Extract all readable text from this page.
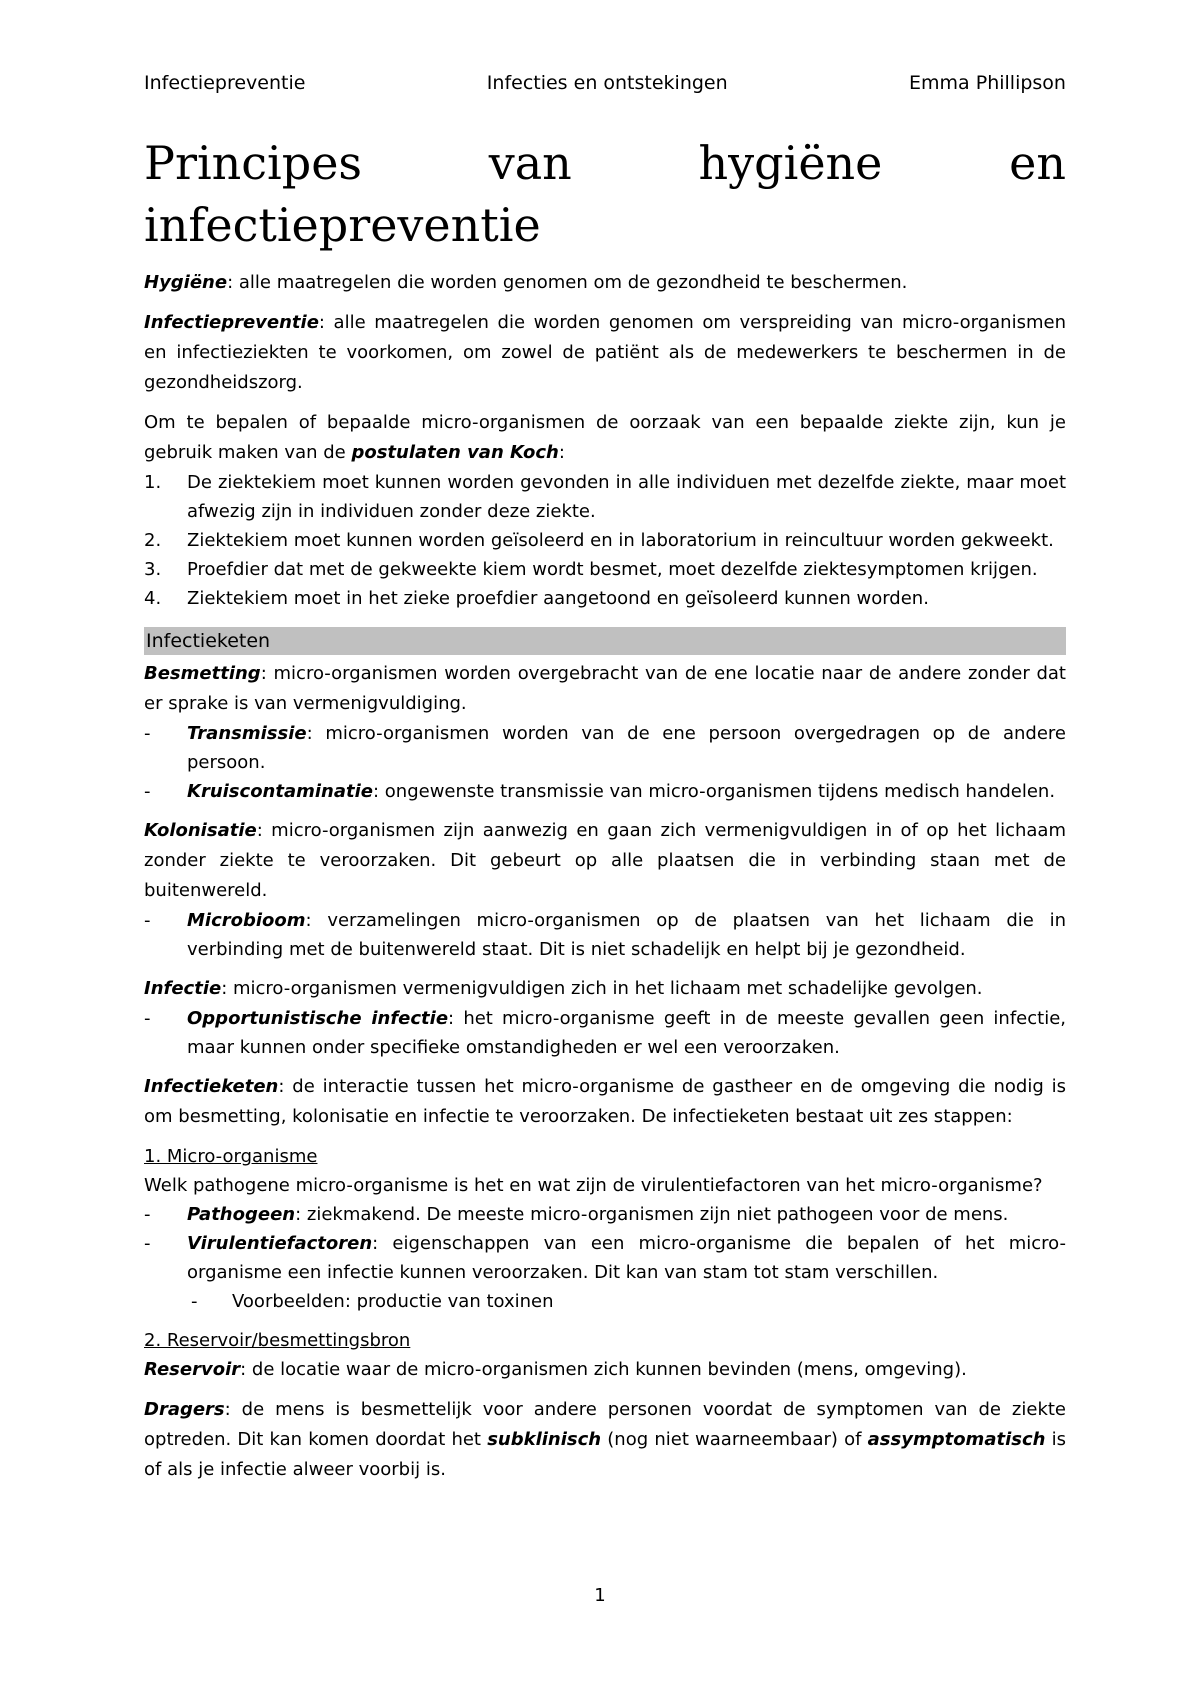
Infectiepreventie	Infecties en ontstekingen	Emma Phillipson
Principes	van	hygiëne	en
infectiepreventie

Hygiëne: alle maatregelen die worden genomen om de gezondheid te beschermen.

Infectiepreventie: alle maatregelen die worden genomen om verspreiding van micro-organismen en infectieziekten te voorkomen, om zowel de patiënt als de medewerkers te beschermen in de gezondheidszorg.

Om te bepalen of bepaalde micro-organismen de oorzaak van een bepaalde ziekte zijn, kun je gebruik maken van de postulaten van Koch:

1.	De ziektekiem moet kunnen worden gevonden in alle individuen met dezelfde ziekte, maar moet afwezig zijn in individuen zonder deze ziekte.
2.	Ziektekiem moet kunnen worden geïsoleerd en in laboratorium in reincultuur worden gekweekt.
3.	Proefdier dat met de gekweekte kiem wordt besmet, moet dezelfde ziektesymptomen krijgen.
4.	Ziektekiem moet in het zieke proefdier aangetoond en geïsoleerd kunnen worden.
Infectieketen

Besmetting: micro-organismen worden overgebracht van de ene locatie naar de andere zonder dat er sprake is van vermenigvuldiging.

-	Transmissie: micro-organismen worden van de ene persoon overgedragen op de andere persoon.
-	Kruiscontaminatie: ongewenste transmissie van micro-organismen tijdens medisch handelen.

Kolonisatie: micro-organismen zijn aanwezig en gaan zich vermenigvuldigen in of op het lichaam zonder ziekte te veroorzaken. Dit gebeurt op alle plaatsen die in verbinding staan met de buitenwereld.

-	Microbioom: verzamelingen micro-organismen op de plaatsen van het lichaam die in verbinding met de buitenwereld staat. Dit is niet schadelijk en helpt bij je gezondheid.

Infectie: micro-organismen vermenigvuldigen zich in het lichaam met schadelijke gevolgen.

-	Opportunistische infectie: het micro-organisme geeft in de meeste gevallen geen infectie, maar kunnen onder specifieke omstandigheden er wel een veroorzaken.

Infectieketen: de interactie tussen het micro-organisme de gastheer en de omgeving die nodig is om besmetting, kolonisatie en infectie te veroorzaken. De infectieketen bestaat uit zes stappen:

1. Micro-organisme
Welk pathogene micro-organisme is het en wat zijn de virulentiefactoren van het micro-organisme?
-	Pathogeen: ziekmakend. De meeste micro-organismen zijn niet pathogeen voor de mens.
-	Virulentiefactoren: eigenschappen van een micro-organisme die bepalen of het micro-organisme een infectie kunnen veroorzaken. Dit kan van stam tot stam verschillen.
-	Voorbeelden: productie van toxinen
2. Reservoir/besmettingsbron

Reservoir: de locatie waar de micro-organismen zich kunnen bevinden (mens, omgeving).

Dragers: de mens is besmettelijk voor andere personen voordat de symptomen van de ziekte optreden. Dit kan komen doordat het subklinisch (nog niet waarneembaar) of assymptomatisch is of als je infectie alweer voorbij is.

1
